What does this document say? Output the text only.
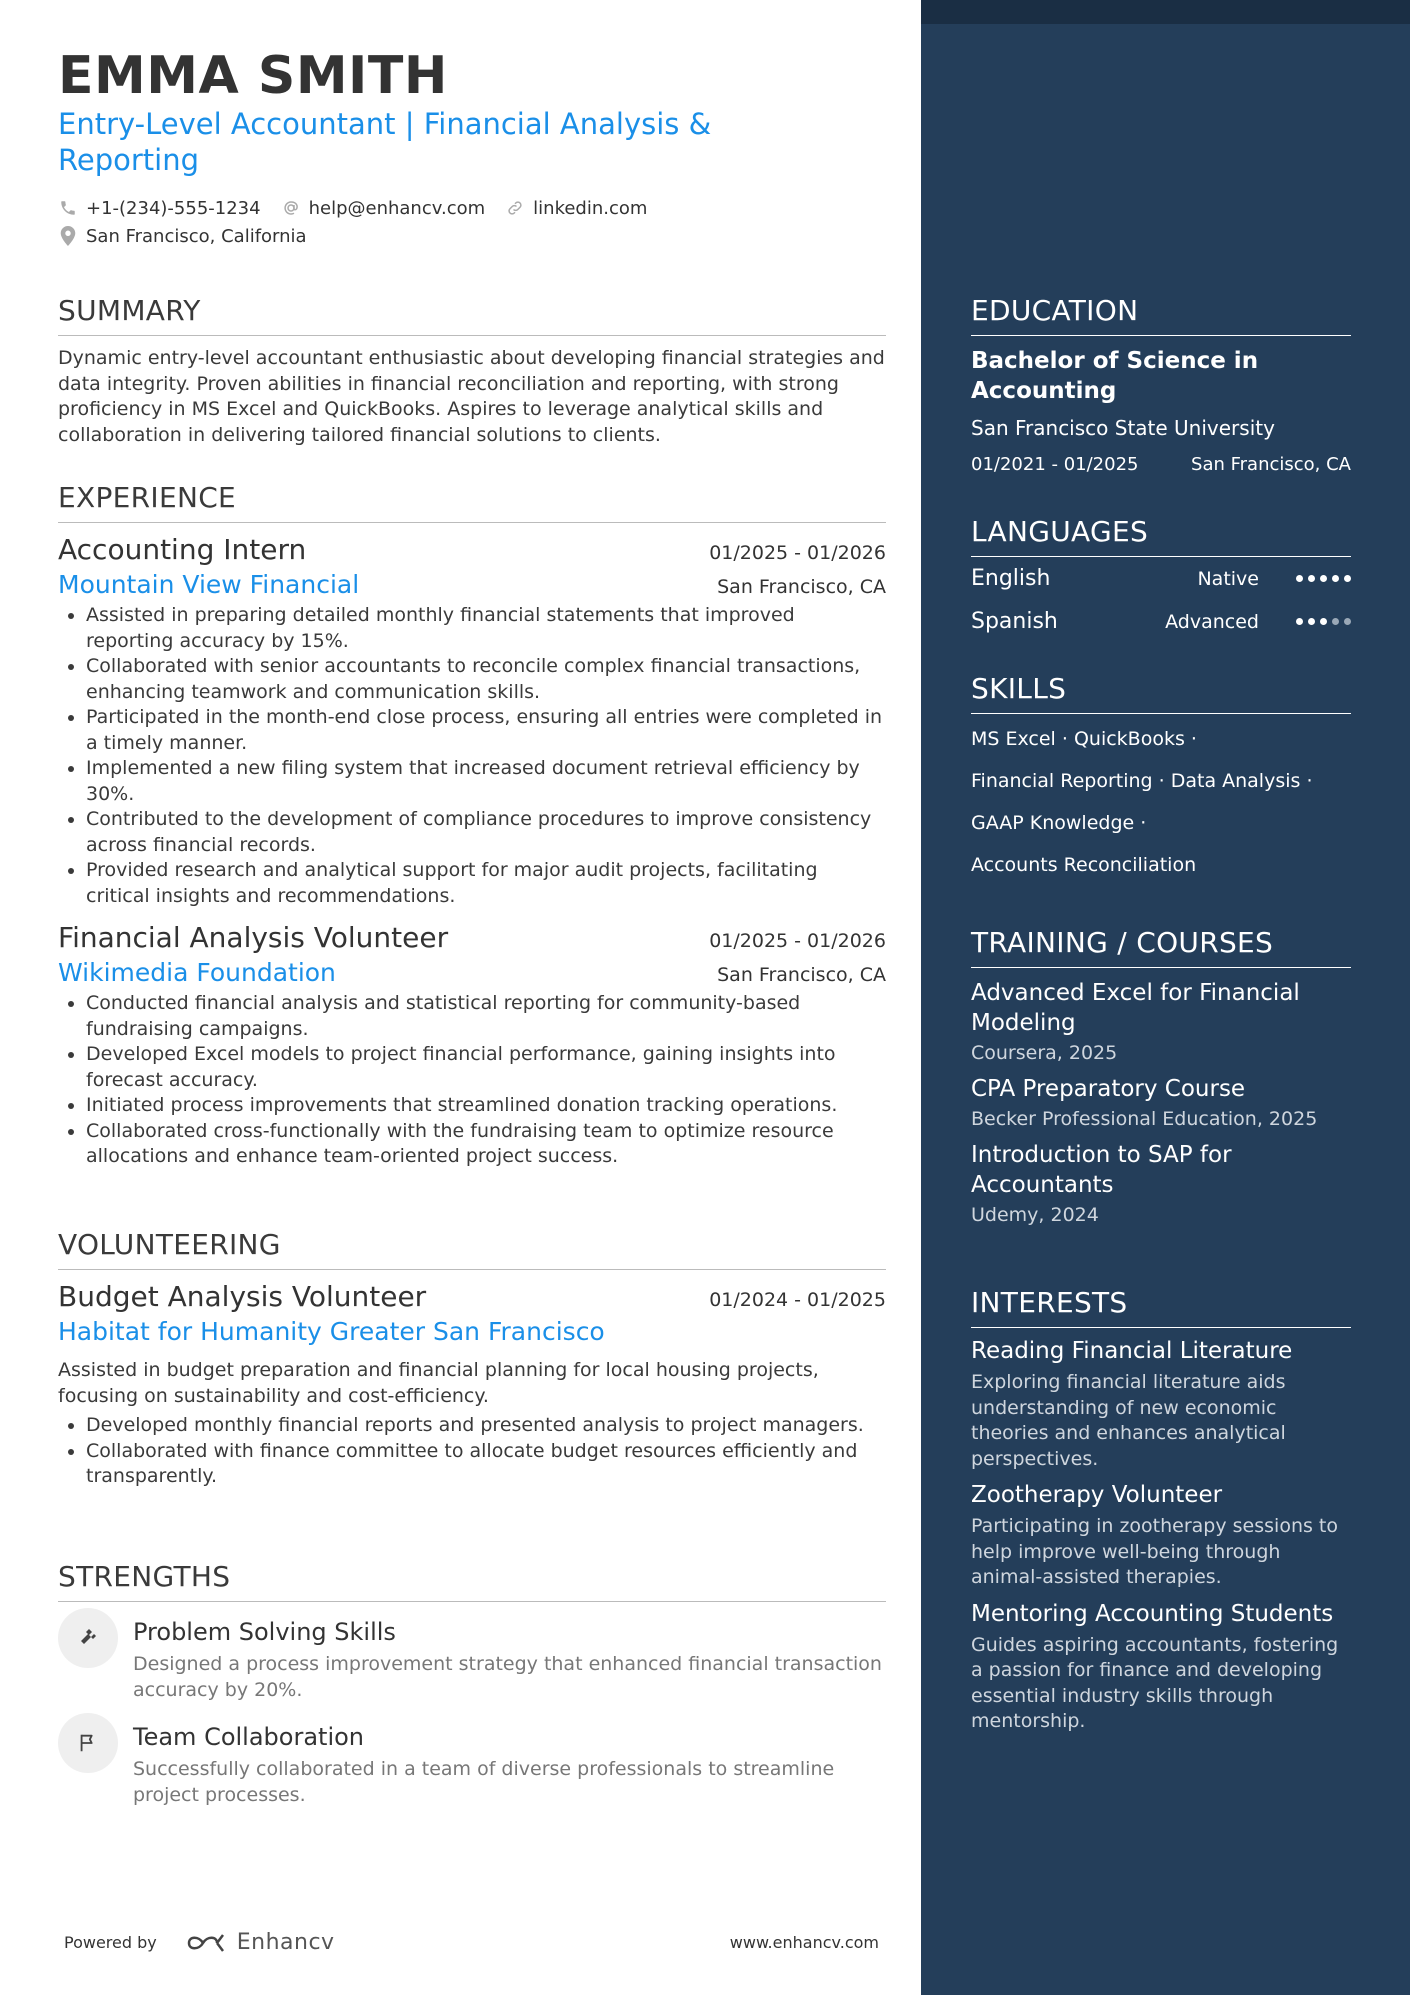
EMMA SMITH
Entry-Level Accountant | Financial Analysis & Reporting
+1-(234)-555-1234	help@enhancv.com	linkedin.com
San Francisco, California
SUMMARY

Dynamic entry-level accountant enthusiastic about developing financial strategies and data integrity. Proven abilities in financial reconciliation and reporting, with strong proficiency in MS Excel and QuickBooks. Aspires to leverage analytical skills and collaboration in delivering tailored financial solutions to clients.

EXPERIENCE
Accounting Intern	01/2025 - 01/2026
Mountain View Financial	San Francisco, CA
• Assisted in preparing detailed monthly financial statements that improved reporting accuracy by 15%.
• Collaborated with senior accountants to reconcile complex financial transactions, enhancing teamwork and communication skills.
• Participated in the month-end close process, ensuring all entries were completed in a timely manner.
• Implemented a new filing system that increased document retrieval efficiency by 30%.
• Contributed to the development of compliance procedures to improve consistency across financial records.
• Provided research and analytical support for major audit projects, facilitating critical insights and recommendations.
Financial Analysis Volunteer	01/2025 - 01/2026
Wikimedia Foundation	San Francisco, CA
• Conducted financial analysis and statistical reporting for community-based fundraising campaigns.
• Developed Excel models to project financial performance, gaining insights into forecast accuracy.
• Initiated process improvements that streamlined donation tracking operations.
• Collaborated cross-functionally with the fundraising team to optimize resource allocations and enhance team-oriented project success.
VOLUNTEERING
Budget Analysis Volunteer	01/2024 - 01/2025
Habitat for Humanity Greater San Francisco

Assisted in budget preparation and financial planning for local housing projects, focusing on sustainability and cost-efficiency.

• Developed monthly financial reports and presented analysis to project managers.
• Collaborated with finance committee to allocate budget resources efficiently and transparently.
STRENGTHS
Problem Solving Skills
Designed a process improvement strategy that enhanced financial transaction accuracy by 20%.
Team Collaboration
Successfully collaborated in a team of diverse professionals to streamline project processes.
Powered by	Enhancv	www.enhancv.com
EDUCATION
Bachelor of Science in Accounting
San Francisco State University
01/2021 - 01/2025	San Francisco, CA
LANGUAGES
English	Native
Spanish	Advanced
SKILLS
MS Excel · QuickBooks ·
Financial Reporting · Data Analysis ·
GAAP Knowledge ·
Accounts Reconciliation
TRAINING / COURSES
Advanced Excel for Financial Modeling
Coursera, 2025
CPA Preparatory Course
Becker Professional Education, 2025
Introduction to SAP for Accountants
Udemy, 2024
INTERESTS
Reading Financial Literature
Exploring financial literature aids understanding of new economic theories and enhances analytical perspectives.
Zootherapy Volunteer
Participating in zootherapy sessions to help improve well-being through animal-assisted therapies.
Mentoring Accounting Students
Guides aspiring accountants, fostering a passion for finance and developing essential industry skills through mentorship.
